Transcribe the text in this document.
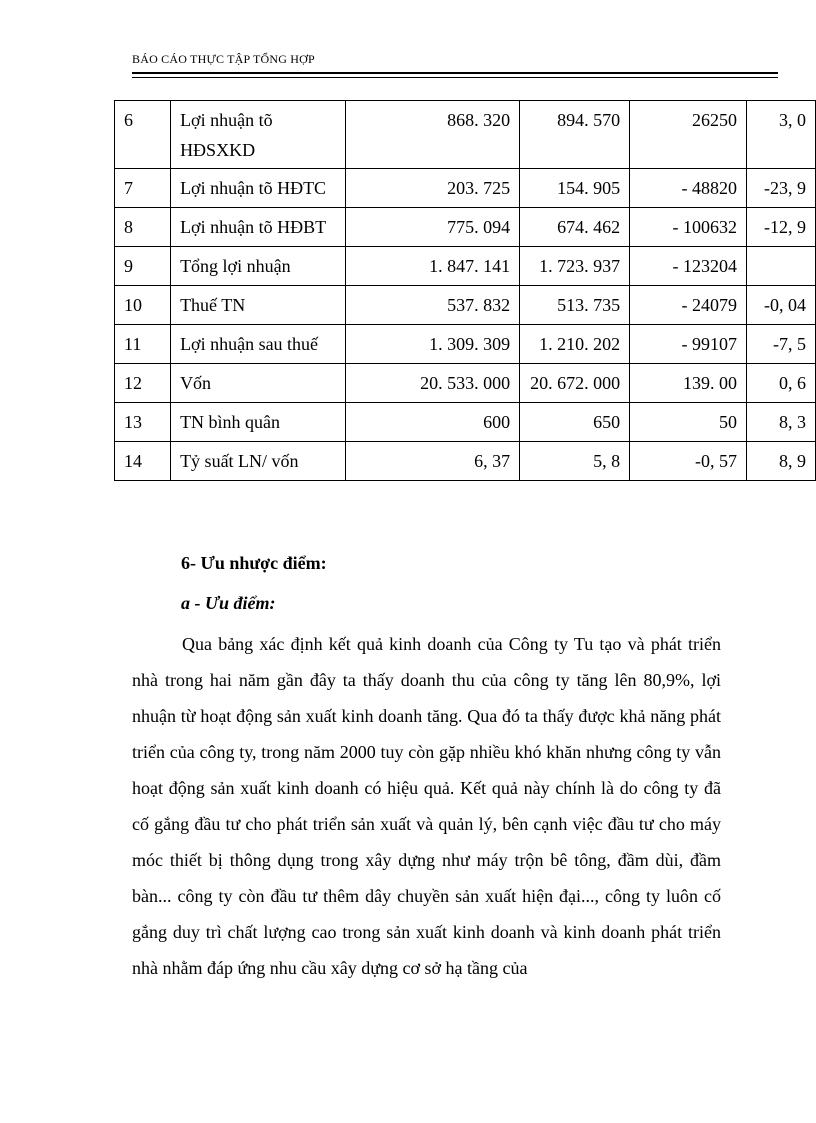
BÁO CÁO THỰC TẬP TỔNG HỢP
6	Lợi nhuận tõ HĐSXKD	868. 320	894. 570	26250	3, 0
7	Lợi nhuận tõ HĐTC	203. 725	154. 905	- 48820	-23, 9
8	Lợi nhuận tõ HĐBT	775. 094	674. 462	- 100632	-12, 9
9	Tổng lợi nhuận	1. 847. 141	1. 723. 937	- 123204	
10	Thuế TN	537. 832	513. 735	- 24079	-0, 04
11	Lợi nhuận sau thuế	1. 309. 309	1. 210. 202	- 99107	-7, 5
12	Vốn	20. 533. 000	20. 672. 000	139. 00	0, 6
13	TN bình quân	600	650	50	8, 3
14	Tỷ suất LN/ vốn	6, 37	5, 8	-0, 57	8, 9
6- Ưu nhược điểm:
a - Ưu điểm:

Qua bảng xác định kết quả kinh doanh của Công ty Tu tạo và phát triển nhà trong hai năm gần đây ta thấy doanh thu của công ty tăng lên 80,9%, lợi nhuận từ hoạt động sản xuất kinh doanh tăng. Qua đó ta thấy được khả năng phát triển của công ty, trong năm 2000 tuy còn gặp nhiều khó khăn nhưng công ty vẫn hoạt động sản xuất kinh doanh có hiệu quả. Kết quả này chính là do công ty đã cố gắng đầu tư cho phát triển sản xuất và quản lý, bên cạnh việc đầu tư cho máy móc thiết bị thông dụng trong xây dựng như máy trộn bê tông, đầm dùi, đầm bàn... công ty còn đầu tư thêm dây chuyền sản xuất hiện đại..., công ty luôn cố gắng duy trì chất lượng cao trong sản xuất kinh doanh và kinh doanh phát triển nhà nhằm đáp ứng nhu cầu xây dựng cơ sở hạ tầng của
